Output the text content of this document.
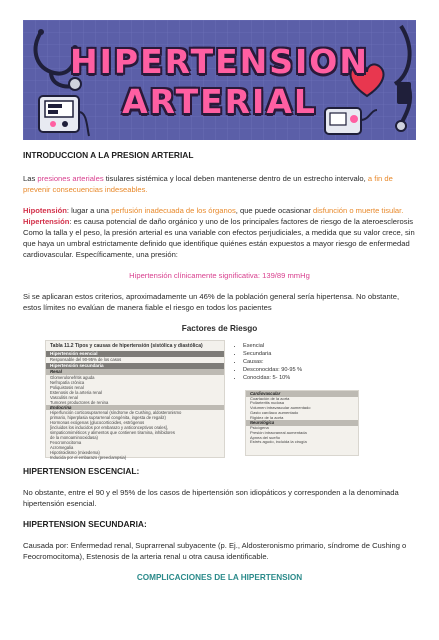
HIPERTENSION
ARTERIAL

INTRODUCCION A LA PRESION ARTERIAL

Las presiones arteriales tisulares sistémica y local deben mantenerse dentro de un estrecho intervalo, a fin de prevenir consecuencias indeseables.

Hipotensión: lugar a una perfusión inadecuada de los órganos, que puede ocasionar disfunción o muerte tisular.

Hipertensión: es causa potencial de daño orgánico y uno de los principales factores de riesgo de la ateroesclerosis Como la talla y el peso, la presión arterial es una variable con efectos perjudiciales, a medida que su valor crece, sin que haya un umbral estrictamente definido que identifique quiénes están expuestos a mayor riesgo de enfermedad cardiovascular. Específicamente, una presión:

Hipertensión clínicamente significativa: 139/89 mmHg

Si se aplicaran estos criterios, aproximadamente un 46% de la población general sería hipertensa. No obstante, estos límites no evalúan de manera fiable el riesgo en todos los pacientes

Factores de Riesgo

Tabla 11.2 Tipos y causas de hipertensión (sistólica y diastólica)
Hipertensión esencial
Responsable del 90-95% de los casos
Hipertensión secundaria
Renal
Glomerulonefritis aguda
Nefropatía crónica
Poliquistosis renal
Estenosis de la arteria renal
Vasculitis renal
Tumores productores de renina
Endocrina
Hiperfunción corticosuprarrenal (síndrome de Cushing, aldosteronismo
primario, hiperplasia suprarrenal congénita, ingesta de regaliz)
Hormonas exógenas (glucocorticoides, estrógenos
[incluidos los inducidos por embarazo y anticonceptivos orales],
simpaticomiméticos y alimentos que contienen tiramina, inhibidores
de la monoaminooxidasa)
Feocromocitoma
Acromegalia
Hipotiroidismo (mixedema)
Inducida por el embarazo (preeclampsia)
• Esencial
• Secundaria
• Causas:
• Desconocidas: 90-95 %
• Conocidas: 5- 10%
Cardiovascular
Coartación de la aorta
Poliarteritis nudosa
Volumen intravascular aumentado
Gasto cardíaco aumentado
Rigidez de la aorta
Neurológica
Psicógena
Presión intracraneal aumentada
Apnea del sueño
Estrés agudo, incluida la cirugía

HIPERTENSION ESCENCIAL:

No obstante, entre el 90 y el 95% de los casos de hipertensión son idiopáticos y corresponden a la denominada hipertensión esencial.

HIPERTENSION SECUNDARIA:

Causada por: Enfermedad renal, Suprarrenal subyacente (p. Ej., Aldosteronismo primario, síndrome de Cushing o Feocromocitoma), Estenosis de la arteria renal u otra causa identificable.

COMPLICACIONES DE LA HIPERTENSION
